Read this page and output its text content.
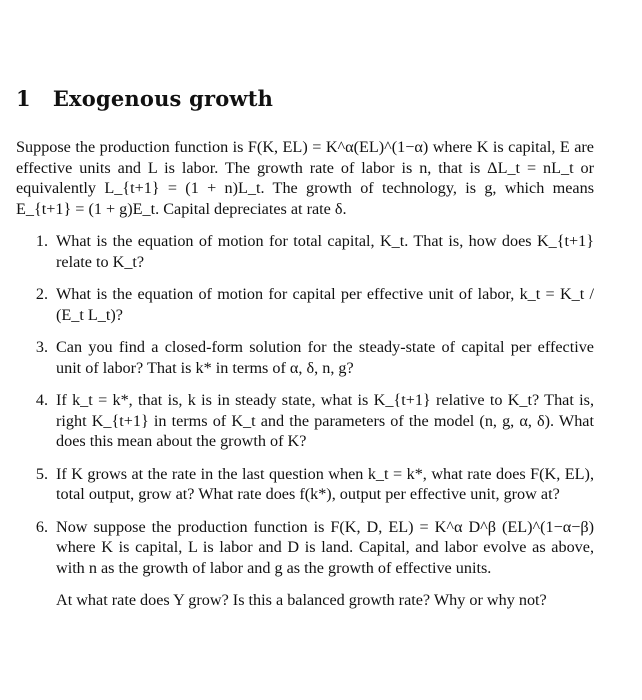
1 Exogenous growth

Suppose the production function is F(K, EL) = K^α(EL)^(1−α) where K is capital, E are effective units and L is labor. The growth rate of labor is n, that is ΔL_t = nL_t or equivalently L_{t+1} = (1 + n)L_t. The growth of technology, is g, which means E_{t+1} = (1 + g)E_t. Capital depreciates at rate δ.

1. What is the equation of motion for total capital, K_t. That is, how does K_{t+1} relate to K_t?
2. What is the equation of motion for capital per effective unit of labor, k_t = K_t / (E_t L_t)?
3. Can you find a closed-form solution for the steady-state of capital per effective unit of labor? That is k* in terms of α, δ, n, g?
4. If k_t = k*, that is, k is in steady state, what is K_{t+1} relative to K_t? That is, right K_{t+1} in terms of K_t and the parameters of the model (n, g, α, δ). What does this mean about the growth of K?
5. If K grows at the rate in the last question when k_t = k*, what rate does F(K, EL), total output, grow at? What rate does f(k*), output per effective unit, grow at?
6. Now suppose the production function is F(K, D, EL) = K^α D^β (EL)^(1−α−β) where K is capital, L is labor and D is land. Capital, and labor evolve as above, with n as the growth of labor and g as the growth of effective units.
At what rate does Y grow? Is this a balanced growth rate? Why or why not?
